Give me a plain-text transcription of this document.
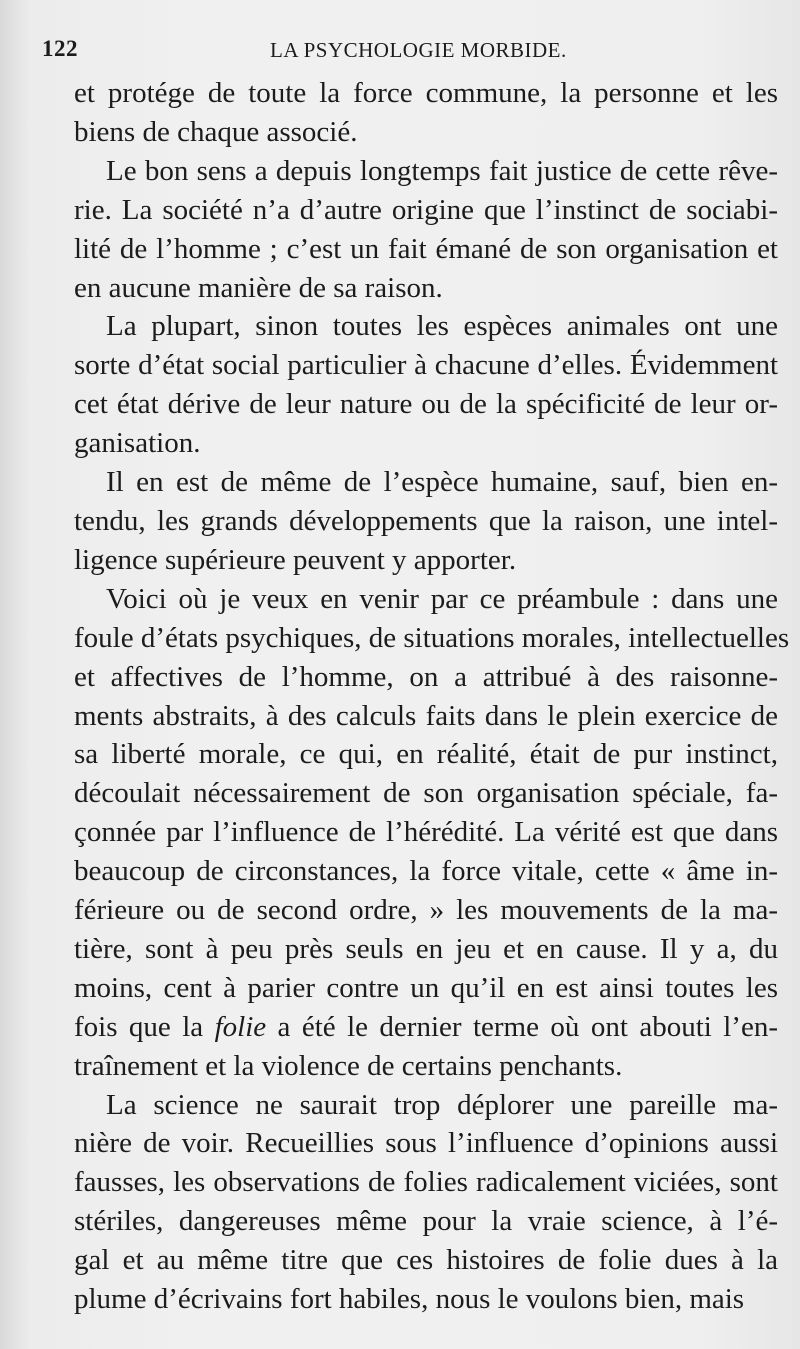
122	LA PSYCHOLOGIE MORBIDE.
et protége de toute la force commune, la personne et les
biens de chaque associé.
Le bon sens a depuis longtemps fait justice de cette rêve-
rie. La société n’a d’autre origine que l’instinct de sociabi-
lité de l’homme ; c’est un fait émané de son organisation et
en aucune manière de sa raison.
La plupart, sinon toutes les espèces animales ont une
sorte d’état social particulier à chacune d’elles. Évidemment
cet état dérive de leur nature ou de la spécificité de leur or-
ganisation.
Il en est de même de l’espèce humaine, sauf, bien en-
tendu, les grands développements que la raison, une intel-
ligence supérieure peuvent y apporter.
Voici où je veux en venir par ce préambule : dans une
foule d’états psychiques, de situations morales, intellectuelles
et affectives de l’homme, on a attribué à des raisonne-
ments abstraits, à des calculs faits dans le plein exercice de
sa liberté morale, ce qui, en réalité, était de pur instinct,
découlait nécessairement de son organisation spéciale, fa-
çonnée par l’influence de l’hérédité. La vérité est que dans
beaucoup de circonstances, la force vitale, cette « âme in-
férieure ou de second ordre, » les mouvements de la ma-
tière, sont à peu près seuls en jeu et en cause. Il y a, du
moins, cent à parier contre un qu’il en est ainsi toutes les
fois que la folie a été le dernier terme où ont abouti l’en-
traînement et la violence de certains penchants.
La science ne saurait trop déplorer une pareille ma-
nière de voir. Recueillies sous l’influence d’opinions aussi
fausses, les observations de folies radicalement viciées, sont
stériles, dangereuses même pour la vraie science, à l’é-
gal et au même titre que ces histoires de folie dues à la
plume d’écrivains fort habiles, nous le voulons bien, mais
